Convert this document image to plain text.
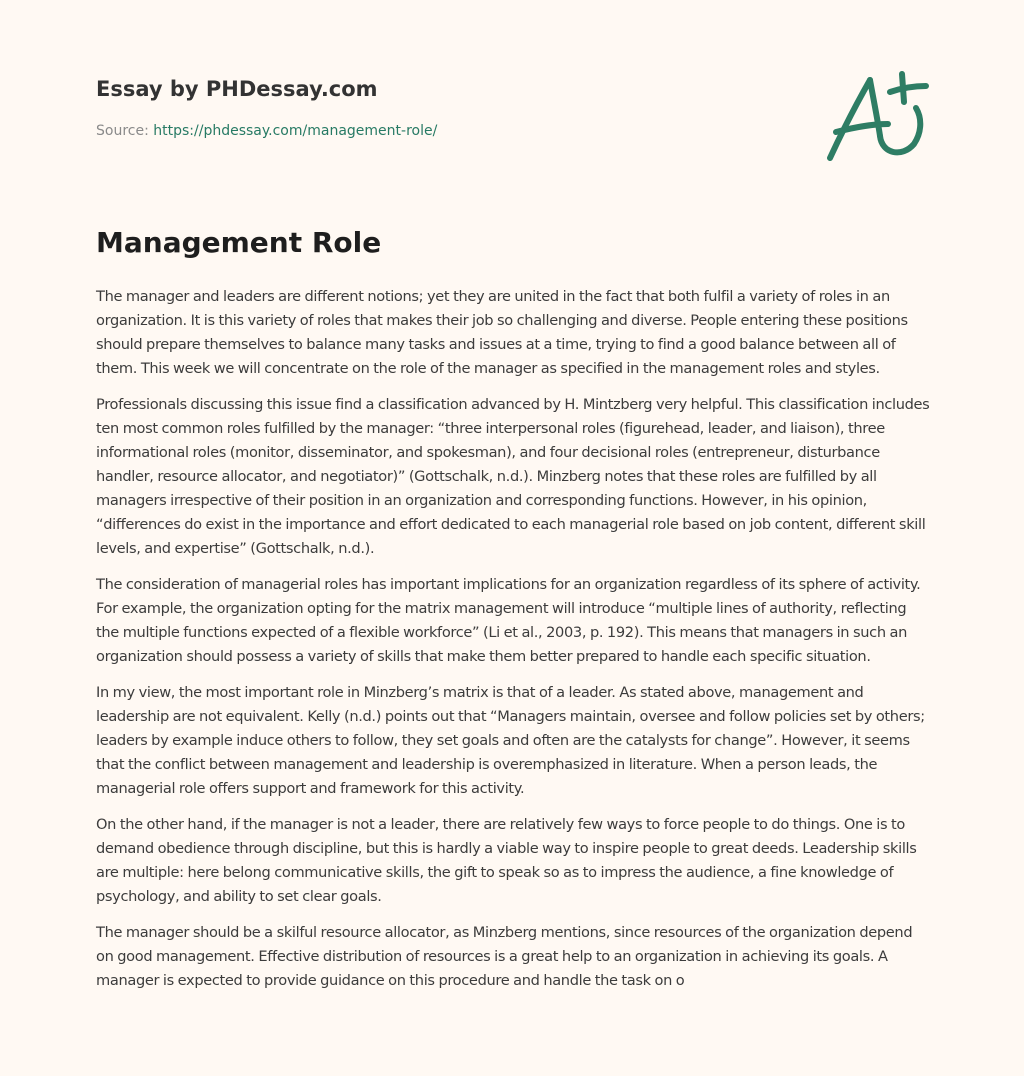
Essay by PHDessay.com
Source: https://phdessay.com/management-role/
Management Role

The manager and leaders are different notions; yet they are united in the fact that both fulfil a variety of roles in an organization. It is this variety of roles that makes their job so challenging and diverse. People entering these positions should prepare themselves to balance many tasks and issues at a time, trying to find a good balance between all of them. This week we will concentrate on the role of the manager as specified in the management roles and styles.

Professionals discussing this issue find a classification advanced by H. Mintzberg very helpful. This classification includes ten most common roles fulfilled by the manager: “three interpersonal roles (figurehead, leader, and liaison), three informational roles (monitor, disseminator, and spokesman), and four decisional roles (entrepreneur, disturbance handler, resource allocator, and negotiator)” (Gottschalk, n.d.). Minzberg notes that these roles are fulfilled by all managers irrespective of their position in an organization and corresponding functions. However, in his opinion, “differences do exist in the importance and effort dedicated to each managerial role based on job content, different skill levels, and expertise” (Gottschalk, n.d.).

The consideration of managerial roles has important implications for an organization regardless of its sphere of activity. For example, the organization opting for the matrix management will introduce “multiple lines of authority, reflecting the multiple functions expected of a flexible workforce” (Li et al., 2003, p. 192). This means that managers in such an organization should possess a variety of skills that make them better prepared to handle each specific situation.

In my view, the most important role in Minzberg’s matrix is that of a leader. As stated above, management and leadership are not equivalent. Kelly (n.d.) points out that “Managers maintain, oversee and follow policies set by others; leaders by example induce others to follow, they set goals and often are the catalysts for change”. However, it seems that the conflict between management and leadership is overemphasized in literature. When a person leads, the managerial role offers support and framework for this activity.

On the other hand, if the manager is not a leader, there are relatively few ways to force people to do things. One is to demand obedience through discipline, but this is hardly a viable way to inspire people to great deeds. Leadership skills are multiple: here belong communicative skills, the gift to speak so as to impress the audience, a fine knowledge of psychology, and ability to set clear goals.

The manager should be a skilful resource allocator, as Minzberg mentions, since resources of the organization depend on good management. Effective distribution of resources is a great help to an organization in achieving its goals. A manager is expected to provide guidance on this procedure and handle the task on o
